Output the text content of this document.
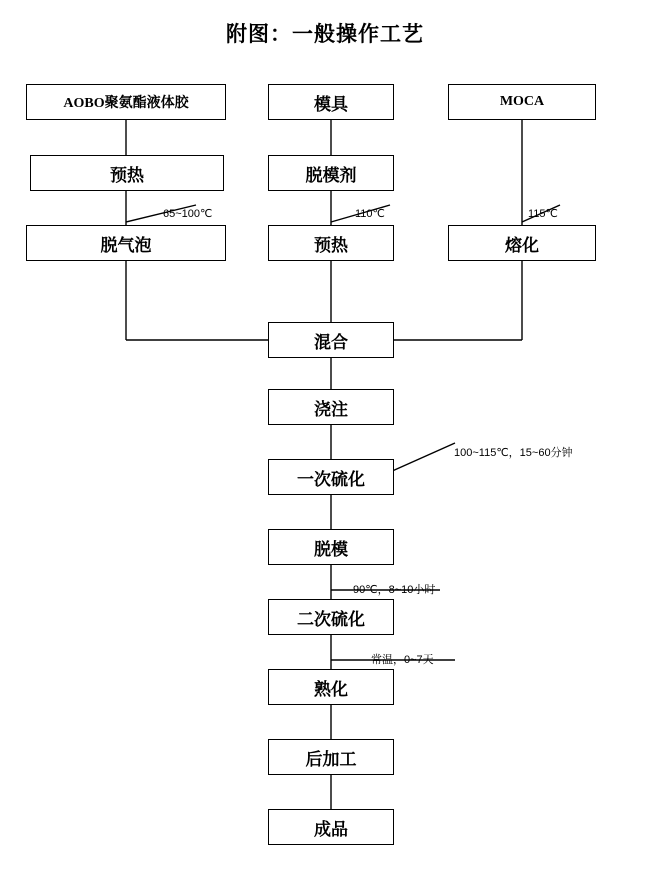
附图：一般操作工艺
AOBO聚氨酯液体胶	模具	MOCA
预热	脱模剂
脱气泡	预热	熔化
混合
浇注
一次硫化
脱模
二次硫化
熟化
后加工
成品
65~100℃	110℃	115℃
100~115℃，15~60分钟
90℃，8~10小时
常温，0~7天
